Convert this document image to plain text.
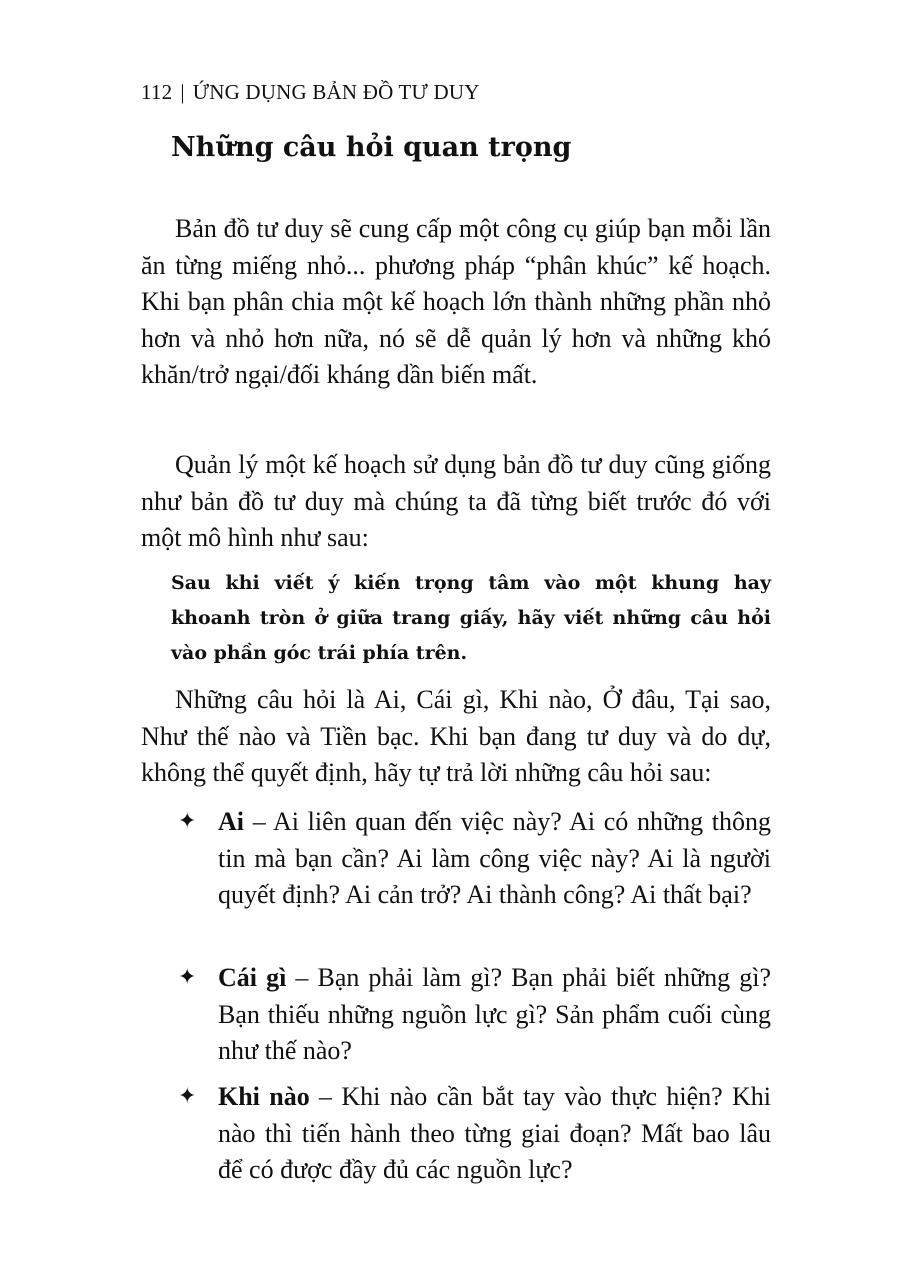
112 | ỨNG DỤNG BẢN ĐỒ TƯ DUY
Những câu hỏi quan trọng

Bản đồ tư duy sẽ cung cấp một công cụ giúp bạn mỗi lần ăn từng miếng nhỏ... phương pháp “phân khúc” kế hoạch. Khi bạn phân chia một kế hoạch lớn thành những phần nhỏ hơn và nhỏ hơn nữa, nó sẽ dễ quản lý hơn và những khó khăn/trở ngại/đối kháng dần biến mất.

Quản lý một kế hoạch sử dụng bản đồ tư duy cũng giống như bản đồ tư duy mà chúng ta đã từng biết trước đó với một mô hình như sau:

Sau khi viết ý kiến trọng tâm vào một khung hay khoanh tròn ở giữa trang giấy, hãy viết những câu hỏi vào phần góc trái phía trên.

Những câu hỏi là Ai, Cái gì, Khi nào, Ở đâu, Tại sao, Như thế nào và Tiền bạc. Khi bạn đang tư duy và do dự, không thể quyết định, hãy tự trả lời những câu hỏi sau:

✦ Ai – Ai liên quan đến việc này? Ai có những thông tin mà bạn cần? Ai làm công việc này? Ai là người quyết định? Ai cản trở? Ai thành công? Ai thất bại?
✦ Cái gì – Bạn phải làm gì? Bạn phải biết những gì? Bạn thiếu những nguồn lực gì? Sản phẩm cuối cùng như thế nào?
✦ Khi nào – Khi nào cần bắt tay vào thực hiện? Khi nào thì tiến hành theo từng giai đoạn? Mất bao lâu để có được đầy đủ các nguồn lực?
